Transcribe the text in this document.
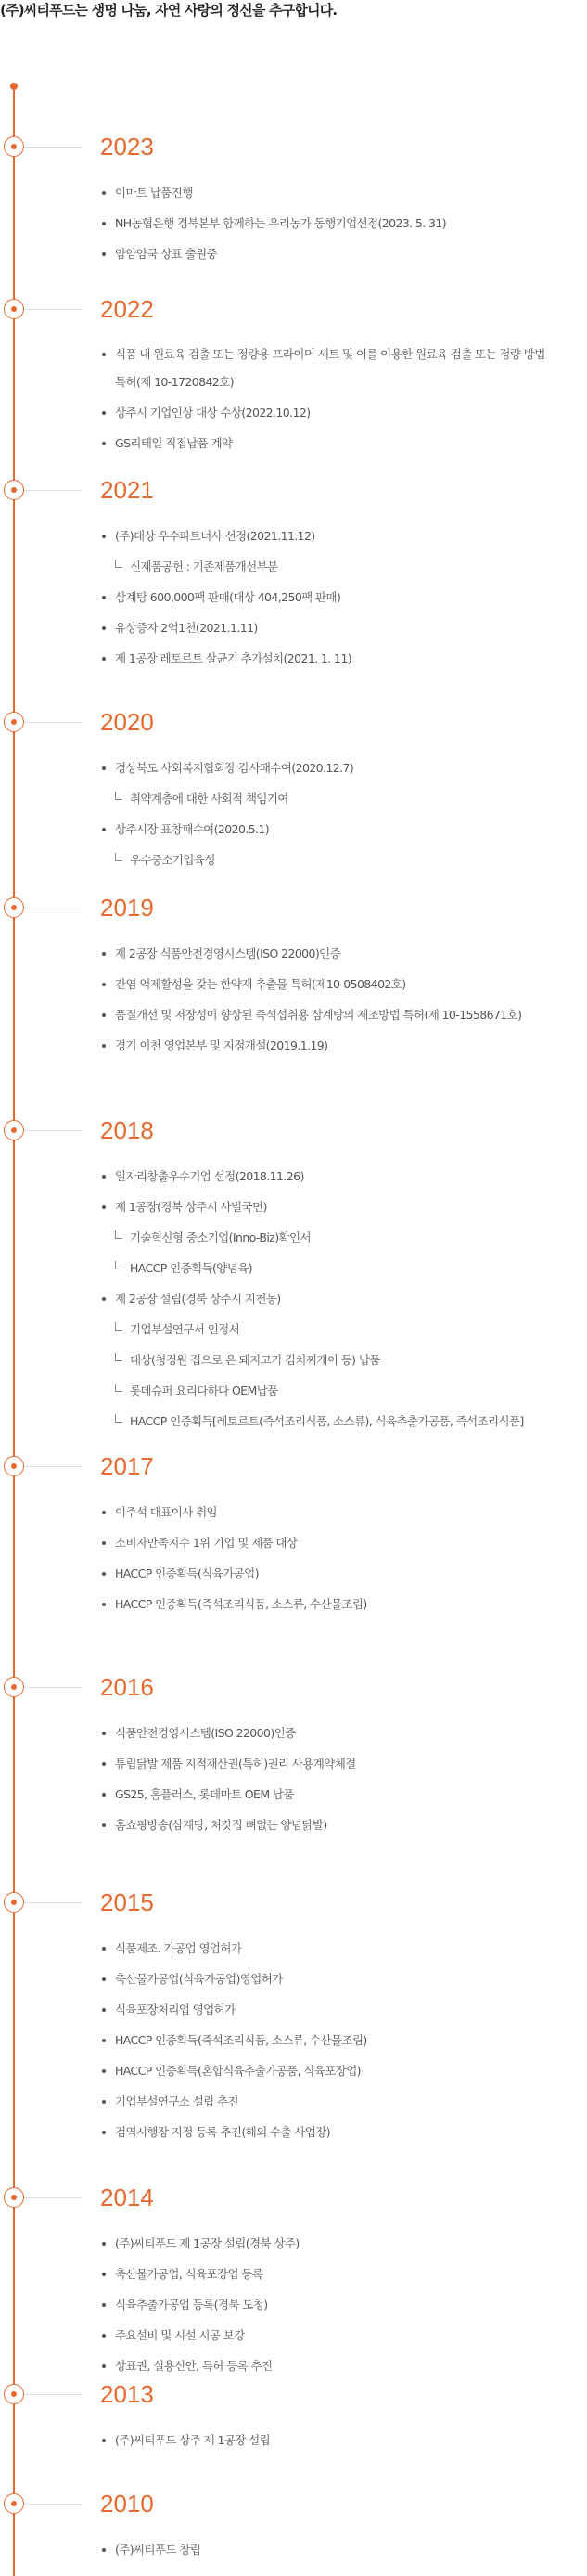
(주)씨티푸드는 생명 나눔, 자연 사랑의 정신을 추구합니다.
2023
이마트 납품진행
NH농협은행 경북본부 함께하는 우리농가 동행기업선정(2023. 5. 31)
얌얌얌쿡 상표 출원중
2022
식품 내 원료육 검출 또는 정량용 프라이머 세트 및 이를 이용한 원료육 검출 또는 정량 방법 특허(제 10-1720842호)
상주시 기업인상 대상 수상(2022.10.12)
GS리테일 직접납품 계약
2021
(주)대상 우수파트너사 선정(2021.11.12)
신제품공헌 : 기존제품개선부분
삼계탕 600,000팩 판매(대상 404,250팩 판매)
유상증자 2억1천(2021.1.11)
제 1공장 레토르트 살균기 추가설치(2021. 1. 11)
2020
경상북도 사회복지협회장 감사패수여(2020.12.7)
취약계층에 대한 사회적 책임기여
상주시장 표창패수여(2020.5.1)
우수중소기업육성
2019
제 2공장 식품안전경영시스템(ISO 22000)인증
간염 억제활성을 갖는 한약재 추출물 특허(제10-0508402호)
품질개선 및 저장성이 향상된 즉석섭취용 삼계탕의 제조방법 특허(제 10-1558671호)
경기 이천 영업본부 및 지점개설(2019.1.19)
2018
일자리창출우수기업 선정(2018.11.26)
제 1공장(경북 상주시 사벌국면)
기술혁신형 중소기업(Inno-Biz)확인서
HACCP 인증획득(양념육)
제 2공장 설립(경북 상주시 지천동)
기업부설연구서 인정서
대상(청정원 집으로 온 돼지고기 김치찌개이 등) 납품
롯데슈퍼 요리다하다 OEM납품
HACCP 인증획득[레토르트(즉석조리식품, 소스류), 식육추출가공품, 즉석조리식품]
2017
이주석 대표이사 취임
소비자만족지수 1위 기업 및 제품 대상
HACCP 인증획득(식육가공업)
HACCP 인증획득(즉석조리식품, 소스류, 수산물조림)
2016
식품안전경영시스템(ISO 22000)인증
튜립닭발 제품 지적재산권(특허)권리 사용계약체결
GS25, 홈플러스, 롯데마트 OEM 납품
홈쇼핑방송(삼계탕, 처갓집 뼈없는 양념닭발)
2015
식품제조. 가공업 영업허가
축산물가공업(식육가공업)영업허가
식육포장처리업 영업허가
HACCP 인증획득(즉석조리식품, 소스류, 수산물조림)
HACCP 인증획득(혼합식육추출가공품, 식육포장업)
기업부설연구소 설립 추진
검역시행장 지정 등록 추진(해외 수출 사업장)
2014
(주)씨티푸드 제 1공장 설립(경북 상주)
축산물가공업, 식육포장업 등록
식육추출가공업 등록(경북 도청)
주요설비 및 시설 시공 보강
상표권, 실용신안, 특허 등록 추진
2013
(주)씨티푸드 상주 제 1공장 설립
2010
(주)씨티푸드 창립
